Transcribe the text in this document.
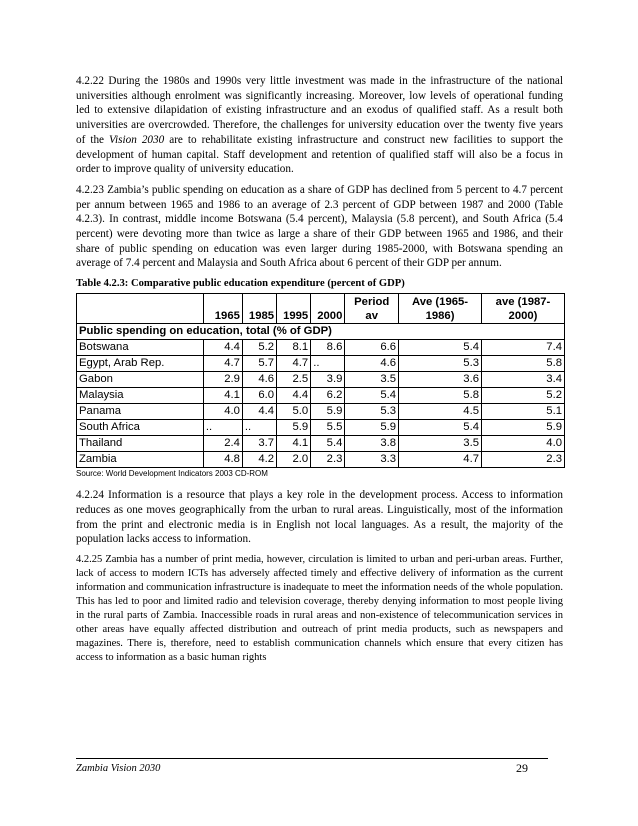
4.2.22 During the 1980s and 1990s very little investment was made in the infrastructure of the national universities although enrolment was significantly increasing. Moreover, low levels of operational funding led to extensive dilapidation of existing infrastructure and an exodus of qualified staff. As a result both universities are overcrowded. Therefore, the challenges for university education over the twenty five years of the Vision 2030 are to rehabilitate existing infrastructure and construct new facilities to support the development of human capital. Staff development and retention of qualified staff will also be a focus in order to improve quality of university education.

4.2.23 Zambia’s public spending on education as a share of GDP has declined from 5 percent to 4.7 percent per annum between 1965 and 1986 to an average of 2.3 percent of GDP between 1987 and 2000 (Table 4.2.3). In contrast, middle income Botswana (5.4 percent), Malaysia (5.8 percent), and South Africa (5.4 percent) were devoting more than twice as large a share of their GDP between 1965 and 1986, and their share of public spending on education was even larger during 1985-2000, with Botswana spending an average of 7.4 percent and Malaysia and South Africa about 6 percent of their GDP per annum.

Table 4.2.3: Comparative public education expenditure (percent of GDP)
	1965	1985	1995	2000	Period av	Ave (1965-1986)	ave (1987-2000)
Public spending on education, total (% of GDP)							
Botswana	4.4	5.2	8.1	8.6	6.6	5.4	7.4
Egypt, Arab Rep.	4.7	5.7	4.7	..	4.6	5.3	5.8
Gabon	2.9	4.6	2.5	3.9	3.5	3.6	3.4
Malaysia	4.1	6.0	4.4	6.2	5.4	5.8	5.2
Panama	4.0	4.4	5.0	5.9	5.3	4.5	5.1
South Africa	..	..	5.9	5.5	5.9	5.4	5.9
Thailand	2.4	3.7	4.1	5.4	3.8	3.5	4.0
Zambia	4.8	4.2	2.0	2.3	3.3	4.7	2.3
Source: World Development Indicators 2003 CD-ROM

4.2.24 Information is a resource that plays a key role in the development process. Access to information reduces as one moves geographically from the urban to rural areas. Linguistically, most of the information from the print and electronic media is in English not local languages. As a result, the majority of the population lacks access to information.

4.2.25 Zambia has a number of print media, however, circulation is limited to urban and peri-urban areas. Further, lack of access to modern ICTs has adversely affected timely and effective delivery of information as the current information and communication infrastructure is inadequate to meet the information needs of the whole population. This has led to poor and limited radio and television coverage, thereby denying information to most people living in the rural parts of Zambia. Inaccessible roads in rural areas and non-existence of telecommunication services in other areas have equally affected distribution and outreach of print media products, such as newspapers and magazines. There is, therefore, need to establish communication channels which ensure that every citizen has access to information as a basic human rights

Zambia Vision 2030	29
